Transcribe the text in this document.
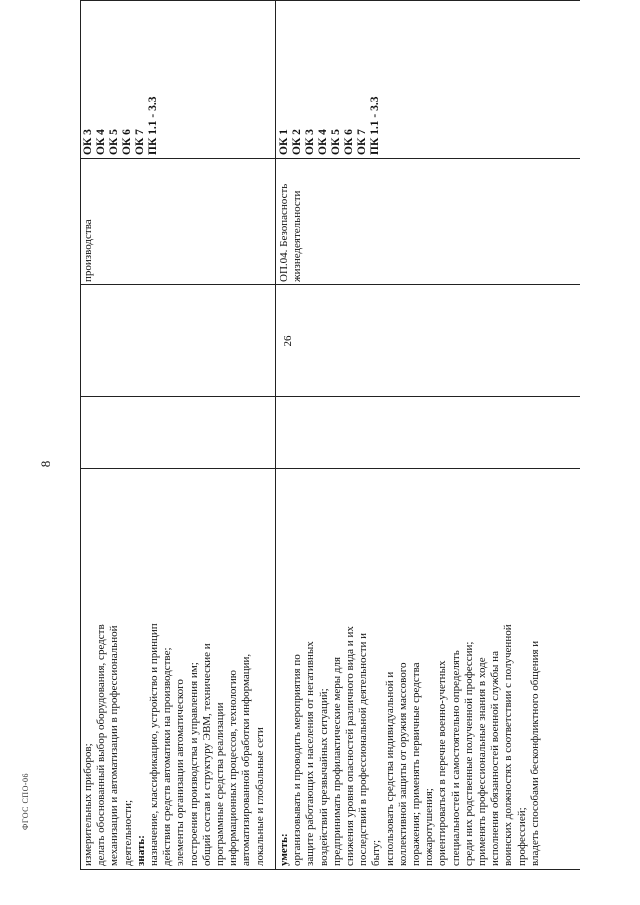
8
ФГОС СПО-06	измерительных приборов; делать обоснованный выбор оборудования, средств механизации и автоматизации в профессиональной деятельности; знать: назначение, классификацию, устройство и принцип действия средств автоматики на производстве; элементы организации автоматического построения производства и управления им; общий состав и структуру ЭВМ, технические и программные средства реализации информационных процессов, технологию автоматизированной обработки информации, локальные и глобальные сети

производства

ОК 3 ОК 4 ОК 5 ОК 6 ОК 7 ПК 1.1 - 3.3

уметь: организовывать и проводить мероприятия по защите работающих и населения от негативных воздействий чрезвычайных ситуаций; предпринимать профилактические меры для снижения уровня опасностей различного вида и их последствий в профессиональной деятельности и быту; использовать средства индивидуальной и коллективной защиты от оружия массового поражения; применять первичные средства пожаротушения; ориентироваться в перечне военно-учетных специальностей и самостоятельно определять среди них родственные полученной профессии; применять профессиональные знания в ходе исполнения обязанностей военной службы на воинских должностях в соответствии с полученной профессией; владеть способами бесконфликтного общения и

26
ОП.04. Безопасность жизнедеятельности

ОК 1 ОК 2 ОК 3 ОК 4 ОК 5 ОК 6 ОК 7 ПК 1.1 - 3.3
